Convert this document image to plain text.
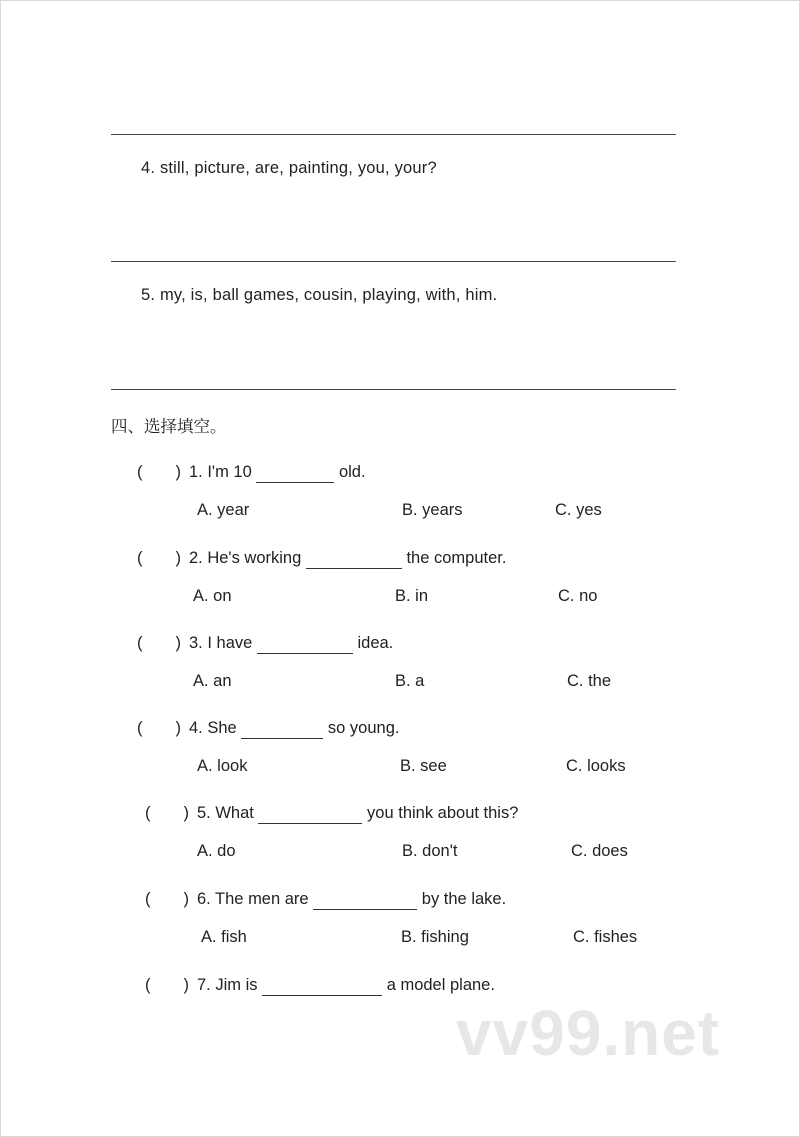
4. still, picture, are, painting, you, your?
5. my, is, ball games, cousin, playing, with, him.
四、选择填空。
(　　) 1. I'm 10	old.
A. year	B. years	C. yes
(　　) 2. He's working	the computer.
A. on	B. in	C. no
(　　) 3. I have	idea.
A. an	B. a	C. the
(　　) 4. She	so young.
A. look	B. see	C. looks
(　　) 5. What	you think about this?
A. do	B. don't	C. does
(　　) 6. The men are	by the lake.
A. fish	B. fishing	C. fishes
(　　) 7. Jim is	a model plane.
vv99.net
